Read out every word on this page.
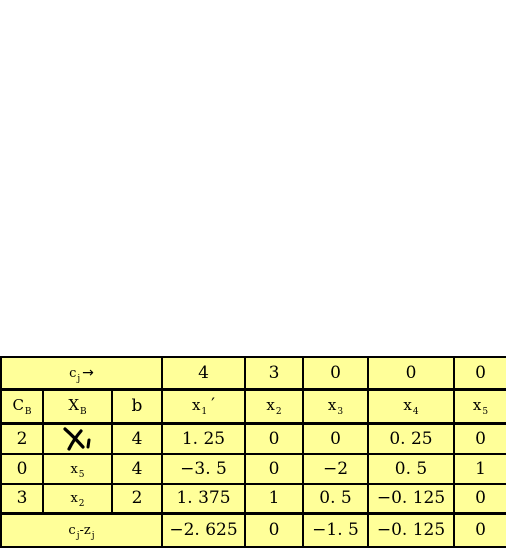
$c_j$ →			4	3	0	0	0
$C_B$	$X_B$	b	$x_1$ ′	$x_2$	$x_3$	$x_4$	$x_5$
2		4	1. 25	0	0	0. 25	0
0	$x_5$	4	−3. 5	0	−2	0. 5	1
3	$x_2$	2	1. 375	1	0. 5	−0. 125	0
$c_j-z_j$			−2. 625	0	−1. 5	−0. 125	0
